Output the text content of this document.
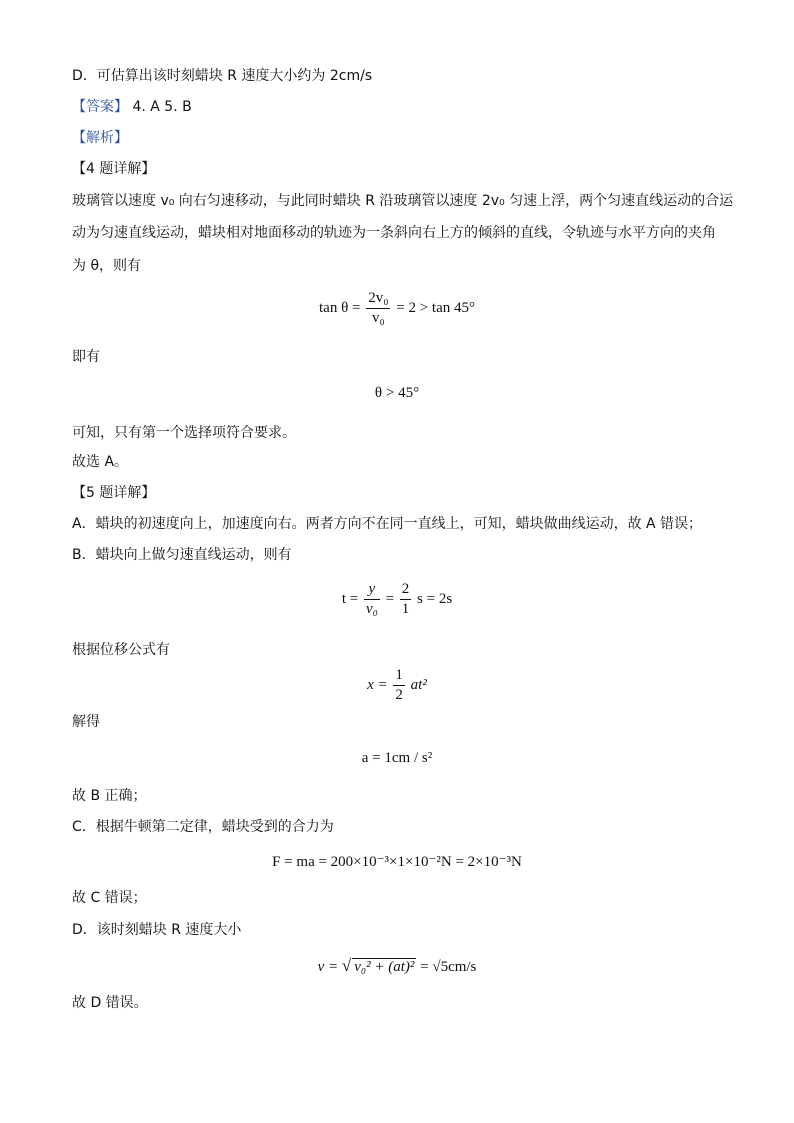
D．可估算出该时刻蜡块 R 速度大小约为 2cm/s
【答案】 4. A 5. B
【解析】
【4 题详解】
玻璃管以速度 v₀ 向右匀速移动，与此同时蜡块 R 沿玻璃管以速度 2v₀ 匀速上浮，两个匀速直线运动的合运
动为匀速直线运动，蜡块相对地面移动的轨迹为一条斜向右上方的倾斜的直线，令轨迹与水平方向的夹角
为 θ，则有
$\tan \theta = \frac{\text{2v₀}}{\text{v₀}} = 2 > \tan 45^\circ$
即有
θ > 45°
可知，只有第一个选择项符合要求。
故选 A。
【5 题详解】
A．蜡块的初速度向上，加速度向右。两者方向不在同一直线上，可知，蜡块做曲线运动，故 A 错误；
B．蜡块向上做匀速直线运动，则有
$t = \frac{y}{\text{v₀}} = \frac{2}{1}$ s = 2s
根据位移公式有
$x = \frac{1}{2} at^2$
解得
a = 1cm / s²
故 B 正确；
C．根据牛顿第二定律，蜡块受到的合力为
F = ma = 200×10⁻³×1×10⁻²N = 2×10⁻³N
故 C 错误；
D．该时刻蜡块 R 速度大小
v = √ v₀² + (at)² = √5cm/s
故 D 错误。
